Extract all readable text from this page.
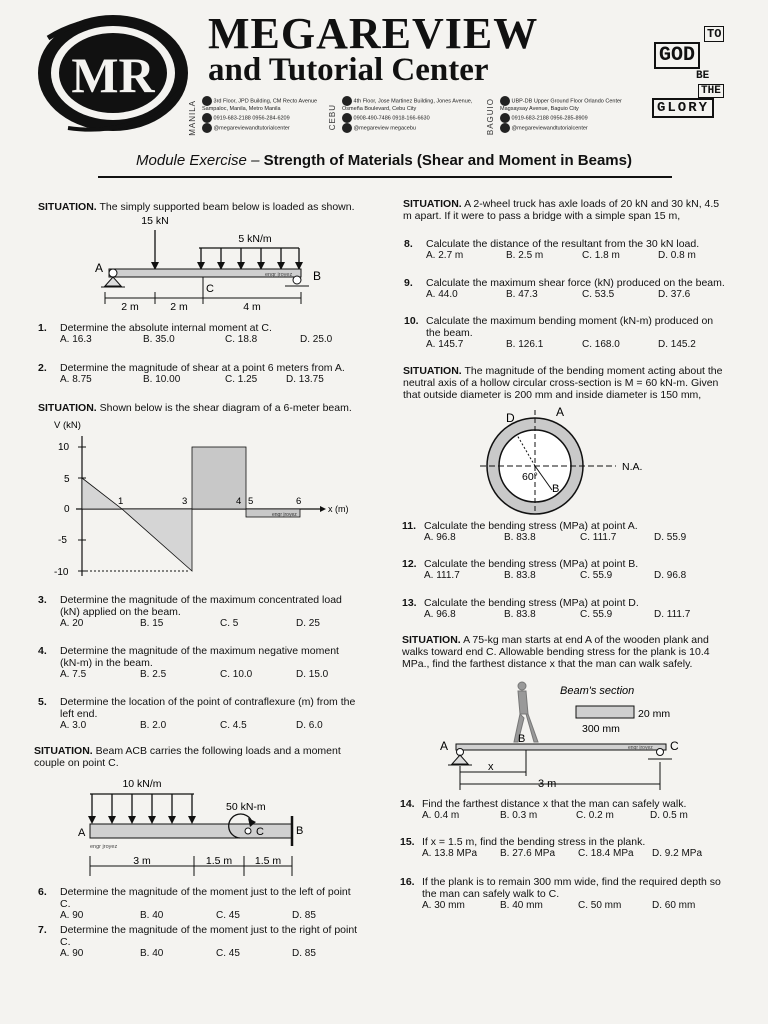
MR
MEGAREVIEW
and Tutorial Center
TO
GOD
BE
THE
GLORY
MANILA	3rd Floor, JPD Building, CM Recto Avenue Sampaloc, Manila, Metro Manila
0919-683-2188 0956-284-6209
@megareviewandtutorialcenter	CEBU
4th Floor, Jose Martinez Building, Jones Avenue, Osmeña Boulevard, Cebu City
0908-490-7486 0918-166-6630
@megareview megacebu	BAGUIO	UBP-DB Upper Ground Floor Orlando Center Magsaysay Avenue, Baguio City
0919-683-2188 0956-285-8909
@megareviewandtutorialcenter
Module Exercise – Strength of Materials (Shear and Moment in Beams)
SITUATION. The simply supported beam below is loaded as shown.
15 kN
5 kN/m
engr jroyez
A
B
C
2 m	2 m	4 m
1. Determine the absolute internal moment at C.
A. 16.3	B. 35.0	C. 18.8	D. 25.0
2. Determine the magnitude of shear at a point 6 meters from A.
A. 8.75	B. 10.00	C. 1.25	D. 13.75
SITUATION. Shown below is the shear diagram of a 6-meter beam.
V (kN)
x (m)
10
5
0
-5
-10
engr jroyez
1	3	4 5	6
3. Determine the magnitude of the maximum concentrated load (kN) applied on the beam.
A. 20	B. 15	C. 5	D. 25
4. Determine the magnitude of the maximum negative moment (kN-m) in the beam.
A. 7.5	B. 2.5	C. 10.0	D. 15.0
5. Determine the location of the point of contraflexure (m) from the left end.
A. 3.0	B. 2.0	C. 4.5	D. 6.0
SITUATION. Beam ACB carries the following loads and a moment couple on point C.
10 kN/m
engr jroyez
A	B
50 kN-m
C
3 m	1.5 m 1.5 m
6. Determine the magnitude of the moment just to the left of point C.
A. 90	B. 40	C. 45	D. 85
7. Determine the magnitude of the moment just to the right of point C.
A. 90	B. 40	C. 45	D. 85
SITUATION. A 2-wheel truck has axle loads of 20 kN and 30 kN, 4.5 m apart. If it were to pass a bridge with a simple span 15 m,
8. Calculate the distance of the resultant from the 30 kN load.
A. 2.7 m	B. 2.5 m	C. 1.8 m	D. 0.8 m
9. Calculate the maximum shear force (kN) produced on the beam.
A. 44.0	B. 47.3	C. 53.5	D. 37.6
10. Calculate the maximum bending moment (kN-m) produced on the beam.
A. 145.7	B. 126.1	C. 168.0	D. 145.2
SITUATION. The magnitude of the bending moment acting about the neutral axis of a hollow circular cross-section is M = 60 kN-m. Given that outside diameter is 200 mm and inside diameter is 150 mm,
A
D
B
60°
N.A.
11. Calculate the bending stress (MPa) at point A.
A. 96.8	B. 83.8	C. 111.7	D. 55.9
12. Calculate the bending stress (MPa) at point B.
A. 111.7	B. 83.8	C. 55.9	D. 96.8
13. Calculate the bending stress (MPa) at point D.
A. 96.8	B. 83.8	C. 55.9	D. 111.7
SITUATION. A 75-kg man starts at end A of the wooden plank and walks toward end C. Allowable bending stress for the plank is 10.4 MPa., find the farthest distance x that the man can walk safely.
Beam's section
20 mm
300 mm
engr jroyez
A	B	C
x
3 m
14. Find the farthest distance x that the man can safely walk.
A. 0.4 m	B. 0.3 m	C. 0.2 m	D. 0.5 m
15. If x = 1.5 m, find the bending stress in the plank.
A. 13.8 MPa B. 27.6 MPa C. 18.4 MPa D. 9.2 MPa
16. If the plank is to remain 300 mm wide, find the required depth so the man can safely walk to C.
A. 30 mm	B. 40 mm	C. 50 mm	D. 60 mm
